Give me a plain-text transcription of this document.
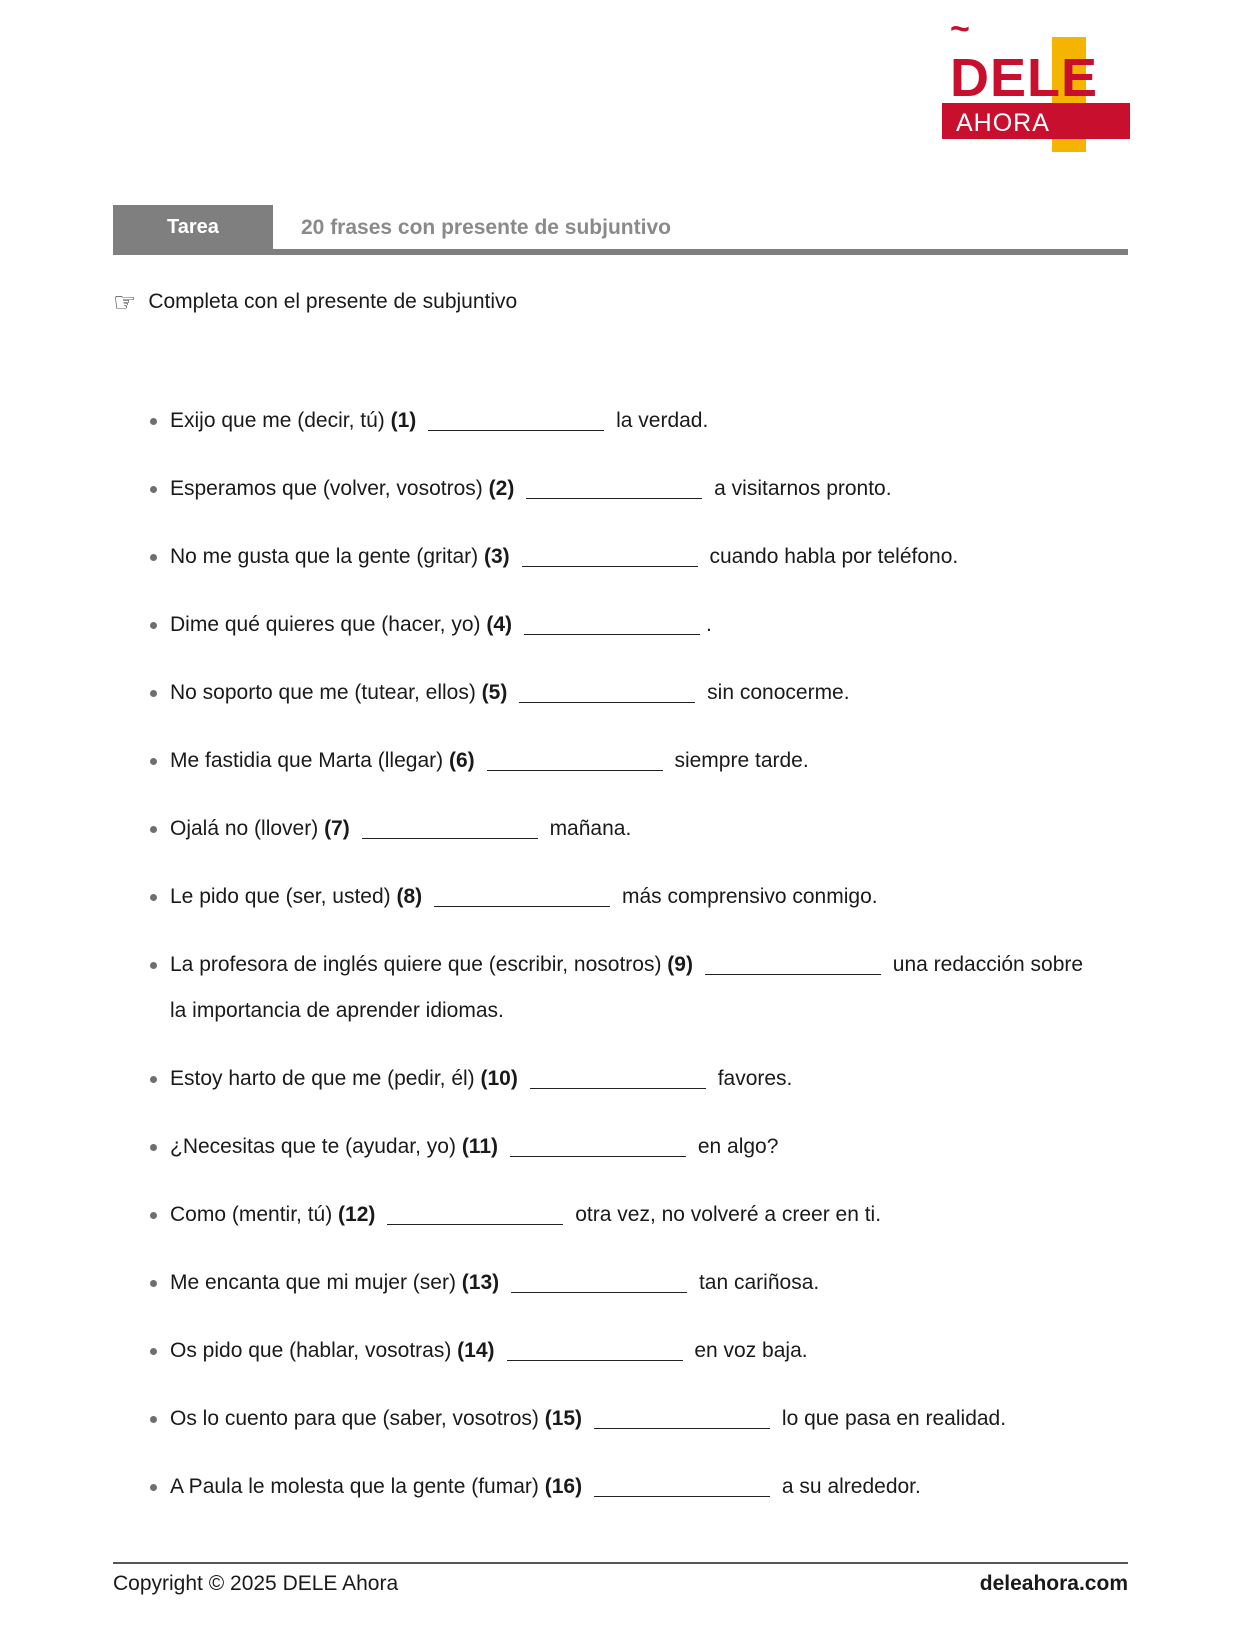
~
DELE
AHORA
Tarea	20 frases con presente de subjuntivo
☞ Completa con el presente de subjuntivo
Exijo que me (decir, tú) (1)	la verdad.
Esperamos que (volver, vosotros) (2)	a visitarnos pronto.
No me gusta que la gente (gritar) (3)	cuando habla por teléfono.
Dime qué quieres que (hacer, yo) (4)	.
No soporto que me (tutear, ellos) (5)	sin conocerme.
Me fastidia que Marta (llegar) (6)	siempre tarde.
Ojalá no (llover) (7)	mañana.
Le pido que (ser, usted) (8)	más comprensivo conmigo.
La profesora de inglés quiere que (escribir, nosotros) (9)	una redacción sobre
la importancia de aprender idiomas.
Estoy harto de que me (pedir, él) (10)	favores.
¿Necesitas que te (ayudar, yo) (11)	en algo?
Como (mentir, tú) (12)	otra vez, no volveré a creer en ti.
Me encanta que mi mujer (ser) (13)	tan cariñosa.
Os pido que (hablar, vosotras) (14)	en voz baja.
Os lo cuento para que (saber, vosotros) (15)	lo que pasa en realidad.
A Paula le molesta que la gente (fumar) (16)	a su alrededor.
Copyright © 2025 DELE Ahora	deleahora.com
